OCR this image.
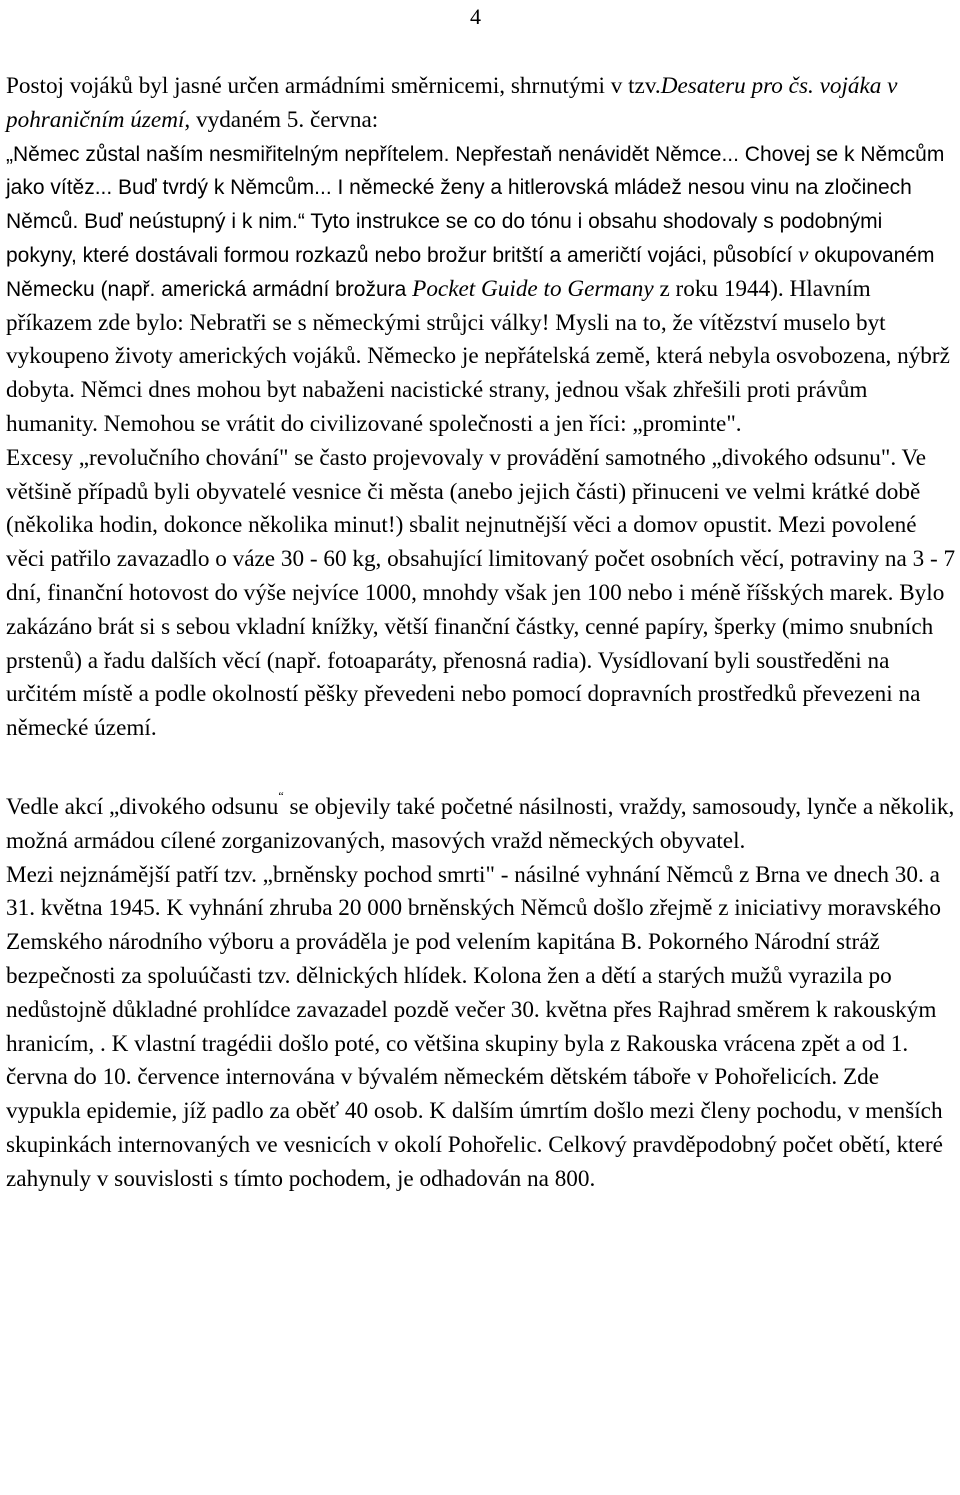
4

Postoj vojáků byl jasné určen armádními směrnicemi, shrnutými v tzv.Desateru pro čs. vojáka v pohraničním území, vydaném 5. června:
„Němec zůstal naším nesmiřitelným nepřítelem. Nepřestaň nenávidět Němce... Chovej se k Němcům jako vítěz... Buď tvrdý k Němcům... I německé ženy a hitlerovská mládež nesou vinu na zločinech Němců. Buď neústupný i k nim.“ Tyto instrukce se co do tónu i obsahu shodovaly s podobnými pokyny, které dostávali formou rozkazů nebo brožur britští a američtí vojáci, působící v okupovaném Německu (např. americká armádní brožura Pocket Guide to Germany z roku 1944). Hlavním příkazem zde bylo: Nebratři se s německými strůjci války! Mysli na to, že vítězství muselo byt vykoupeno životy amerických vojáků. Německo je nepřátelská země, která nebyla osvobozena, nýbrž dobyta. Němci dnes mohou byt nabaženi nacistické strany, jednou však zhřešili proti právům humanity. Nemohou se vrátit do civilizované společnosti a jen říci: „prominte".

Excesy „revolučního chování" se často projevovaly v provádění samotného „divokého odsunu". Ve většině případů byli obyvatelé vesnice či města (anebo jejich části) přinuceni ve velmi krátké době (několika hodin, dokonce několika minut!) sbalit nejnutnější věci a domov opustit. Mezi povolené věci patřilo zavazadlo o váze 30 - 60 kg, obsahující limitovaný počet osobních věcí, potraviny na 3 - 7 dní, finanční hotovost do výše nejvíce 1000, mnohdy však jen 100 nebo i méně říšských marek. Bylo zakázáno brát si s sebou vkladní knížky, větší finanční částky, cenné papíry, šperky (mimo snubních prstenů) a řadu dalších věcí (např. fotoaparáty, přenosná radia). Vysídlovaní byli soustředěni na určitém místě a podle okolností pěšky převedeni nebo pomocí dopravních prostředků převezeni na německé území.

Vedle akcí „divokého odsunu“ se objevily také početné násilnosti, vraždy, samosoudy, lynče a několik, možná armádou cílené zorganizovaných, masových vražd německých obyvatel.

Mezi nejznámější patří tzv. „brněnsky pochod smrti" - násilné vyhnání Němců z Brna ve dnech 30. a 31. května 1945. K vyhnání zhruba 20 000 brněnských Němců došlo zřejmě z iniciativy moravského Zemského národního výboru a prováděla je pod velením kapitána B. Pokorného Národní stráž bezpečnosti za spoluúčasti tzv. dělnických hlídek. Kolona žen a dětí a starých mužů vyrazila po nedůstojně důkladné prohlídce zavazadel pozdě večer 30. května přes Rajhrad směrem k rakouským hranicím, . K vlastní tragédii došlo poté, co většina skupiny byla z Rakouska vrácena zpět a od 1. června do 10. července internována v bývalém německém dětském táboře v Pohořelicích. Zde vypukla epidemie, jíž padlo za oběť 40 osob. K dalším úmrtím došlo mezi členy pochodu, v menších skupinkách internovaných ve vesnicích v okolí Pohořelic. Celkový pravděpodobný počet obětí, které zahynuly v souvislosti s tímto pochodem, je odhadován na 800.
